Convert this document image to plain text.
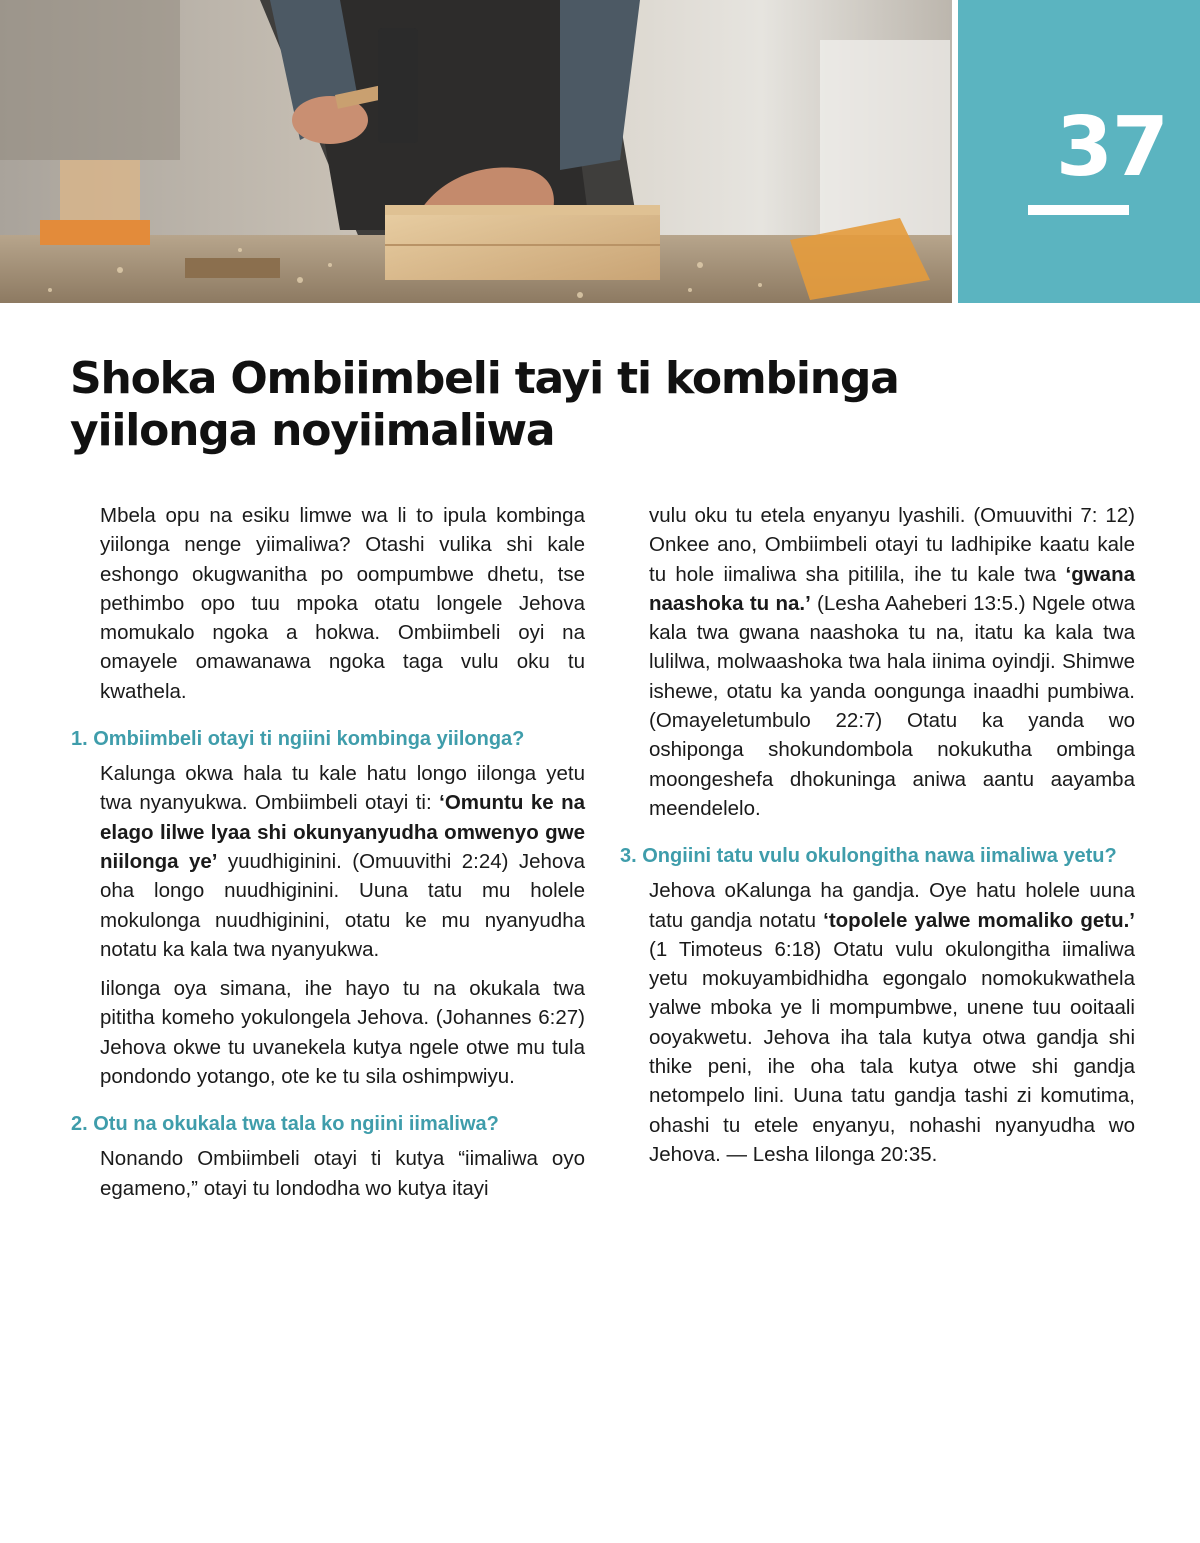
37
Shoka Ombiimbeli tayi ti kombinga yiilonga noyiimaliwa

Mbela opu na esiku limwe wa li to ipula kombinga yiilonga nenge yiimaliwa? Otashi vulika shi kale eshongo okugwanitha po oompumbwe dhetu, tse pethimbo opo tuu mpoka otatu longele Jehova momukalo ngoka a hokwa. Ombiimbeli oyi na omayele omawanawa ngoka taga vulu oku tu kwathela.

1. Ombiimbeli otayi ti ngiini kombinga yiilonga?

Kalunga okwa hala tu kale hatu longo iilonga yetu twa nyanyukwa. Ombiimbeli otayi ti: ‘Omuntu ke na elago lilwe lyaa shi okunyanyudha omwenyo gwe niilonga ye’ yuudhiginini. (Omuuvithi 2:24) Jehova oha longo nuudhiginini. Uuna tatu mu holele mokulonga nuudhiginini, otatu ke mu nyanyudha notatu ka kala twa nyanyukwa.

Iilonga oya simana, ihe hayo tu na okukala twa pititha komeho yokulongela Jehova. (Johannes 6:27) Jehova okwe tu uvanekela kutya ngele otwe mu tula pondondo yotango, ote ke tu sila oshimpwiyu.

2. Otu na okukala twa tala ko ngiini iimaliwa?

Nonando Ombiimbeli otayi ti kutya “iimaliwa oyo egameno,” otayi tu londodha wo kutya itayi

vulu oku tu etela enyanyu lyashili. (Omuuvithi 7: 12) Onkee ano, Ombiimbeli otayi tu ladhipike kaatu kale tu hole iimaliwa sha pitilila, ihe tu kale twa ‘gwana naashoka tu na.’ (Lesha Aaheberi 13:5.) Ngele otwa kala twa gwana naashoka tu na, itatu ka kala twa lulilwa, molwaashoka twa hala iinima oyindji. Shimwe ishewe, otatu ka yanda oongunga inaadhi pumbiwa. (Omayeletumbulo 22:7) Otatu ka yanda wo oshiponga shokundombola nokukutha ombinga moongeshefa dhokuninga aniwa aantu aayamba meendelelo.

3. Ongiini tatu vulu okulongitha nawa iimaliwa yetu?

Jehova oKalunga ha gandja. Oye hatu holele uuna tatu gandja notatu ‘topolele yalwe momaliko getu.’ (1 Timoteus 6:18) Otatu vulu okulongitha iimaliwa yetu mokuyambidhidha egongalo nomokukwathela yalwe mboka ye li mompumbwe, unene tuu ooitaali ooyakwetu. Jehova iha tala kutya otwa gandja shi thike peni, ihe oha tala kutya otwe shi gandja netompelo lini. Uuna tatu gandja tashi zi komutima, ohashi tu etele enyanyu, nohashi nyanyudha wo Jehova. — Lesha Iilonga 20:35.
